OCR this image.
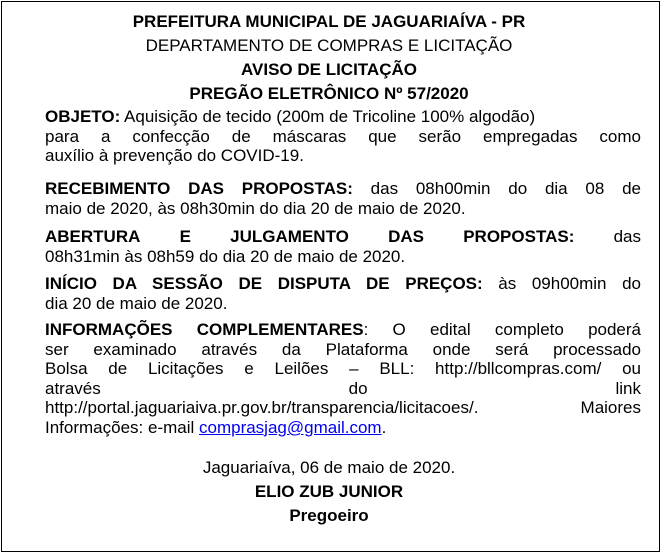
PREFEITURA MUNICIPAL DE JAGUARIAÍVA - PR
DEPARTAMENTO DE COMPRAS E LICITAÇÃO
AVISO DE LICITAÇÃO
PREGÃO ELETRÔNICO Nº 57/2020
OBJETO: Aquisição de tecido (200m de Tricoline 100% algodão)
para a confecção de máscaras que serão empregadas como
auxílio à prevenção do COVID-19.
RECEBIMENTO DAS PROPOSTAS: das 08h00min do dia 08 de
maio de 2020, às 08h30min do dia 20 de maio de 2020.
ABERTURA E JULGAMENTO DAS PROPOSTAS: das
08h31min às 08h59 do dia 20 de maio de 2020.
INÍCIO DA SESSÃO DE DISPUTA DE PREÇOS: às 09h00min do
dia 20 de maio de 2020.
INFORMAÇÕES COMPLEMENTARES: O edital completo poderá
ser examinado através da Plataforma onde será processado
Bolsa de Licitações e Leilões – BLL: http://bllcompras.com/ ou
através	do	link
http://portal.jaguariaiva.pr.gov.br/transparencia/licitacoes/. Maiores
Informações: e-mail comprasjag@gmail.com.
Jaguariaíva, 06 de maio de 2020.
ELIO ZUB JUNIOR
Pregoeiro
